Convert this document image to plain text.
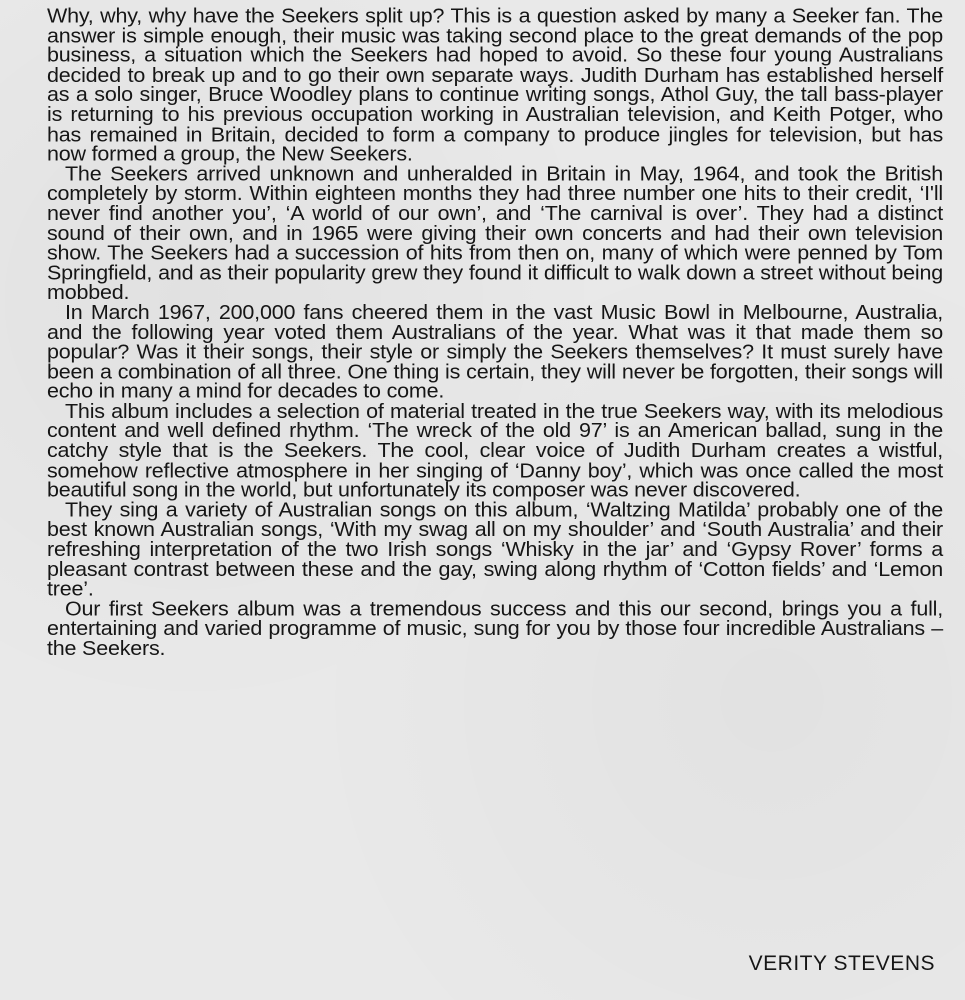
Why, why, why have the Seekers split up? This is a question asked by many a Seeker fan. The answer is simple enough, their music was taking second place to the great demands of the pop business, a situation which the Seekers had hoped to avoid. So these four young Australians decided to break up and to go their own separate ways. Judith Durham has established herself as a solo singer, Bruce Woodley plans to continue writing songs, Athol Guy, the tall bass-player is returning to his previous occupation working in Australian television, and Keith Potger, who has remained in Britain, decided to form a company to produce jingles for television, but has now formed a group, the New Seekers.

The Seekers arrived unknown and unheralded in Britain in May, 1964, and took the British completely by storm. Within eighteen months they had three number one hits to their credit, ‘I'll never find another you’, ‘A world of our own’, and ‘The carnival is over’. They had a distinct sound of their own, and in 1965 were giving their own concerts and had their own television show. The Seekers had a succession of hits from then on, many of which were penned by Tom Springfield, and as their popularity grew they found it difficult to walk down a street without being mobbed.

In March 1967, 200,000 fans cheered them in the vast Music Bowl in Melbourne, Australia, and the following year voted them Australians of the year. What was it that made them so popular? Was it their songs, their style or simply the Seekers themselves? It must surely have been a combination of all three. One thing is certain, they will never be forgotten, their songs will echo in many a mind for decades to come.

This album includes a selection of material treated in the true Seekers way, with its melodious content and well defined rhythm. ‘The wreck of the old 97’ is an American ballad, sung in the catchy style that is the Seekers. The cool, clear voice of Judith Durham creates a wistful, somehow reflective atmosphere in her singing of ‘Danny boy’, which was once called the most beautiful song in the world, but unfortunately its composer was never discovered.

They sing a variety of Australian songs on this album, ‘Waltzing Matilda’ probably one of the best known Australian songs, ‘With my swag all on my shoulder’ and ‘South Australia’ and their refreshing interpretation of the two Irish songs ‘Whisky in the jar’ and ‘Gypsy Rover’ forms a pleasant contrast between these and the gay, swing along rhythm of ‘Cotton fields’ and ‘Lemon tree’.

Our first Seekers album was a tremendous success and this our second, brings you a full, entertaining and varied programme of music, sung for you by those four incredible Australians – the Seekers.

VERITY STEVENS
